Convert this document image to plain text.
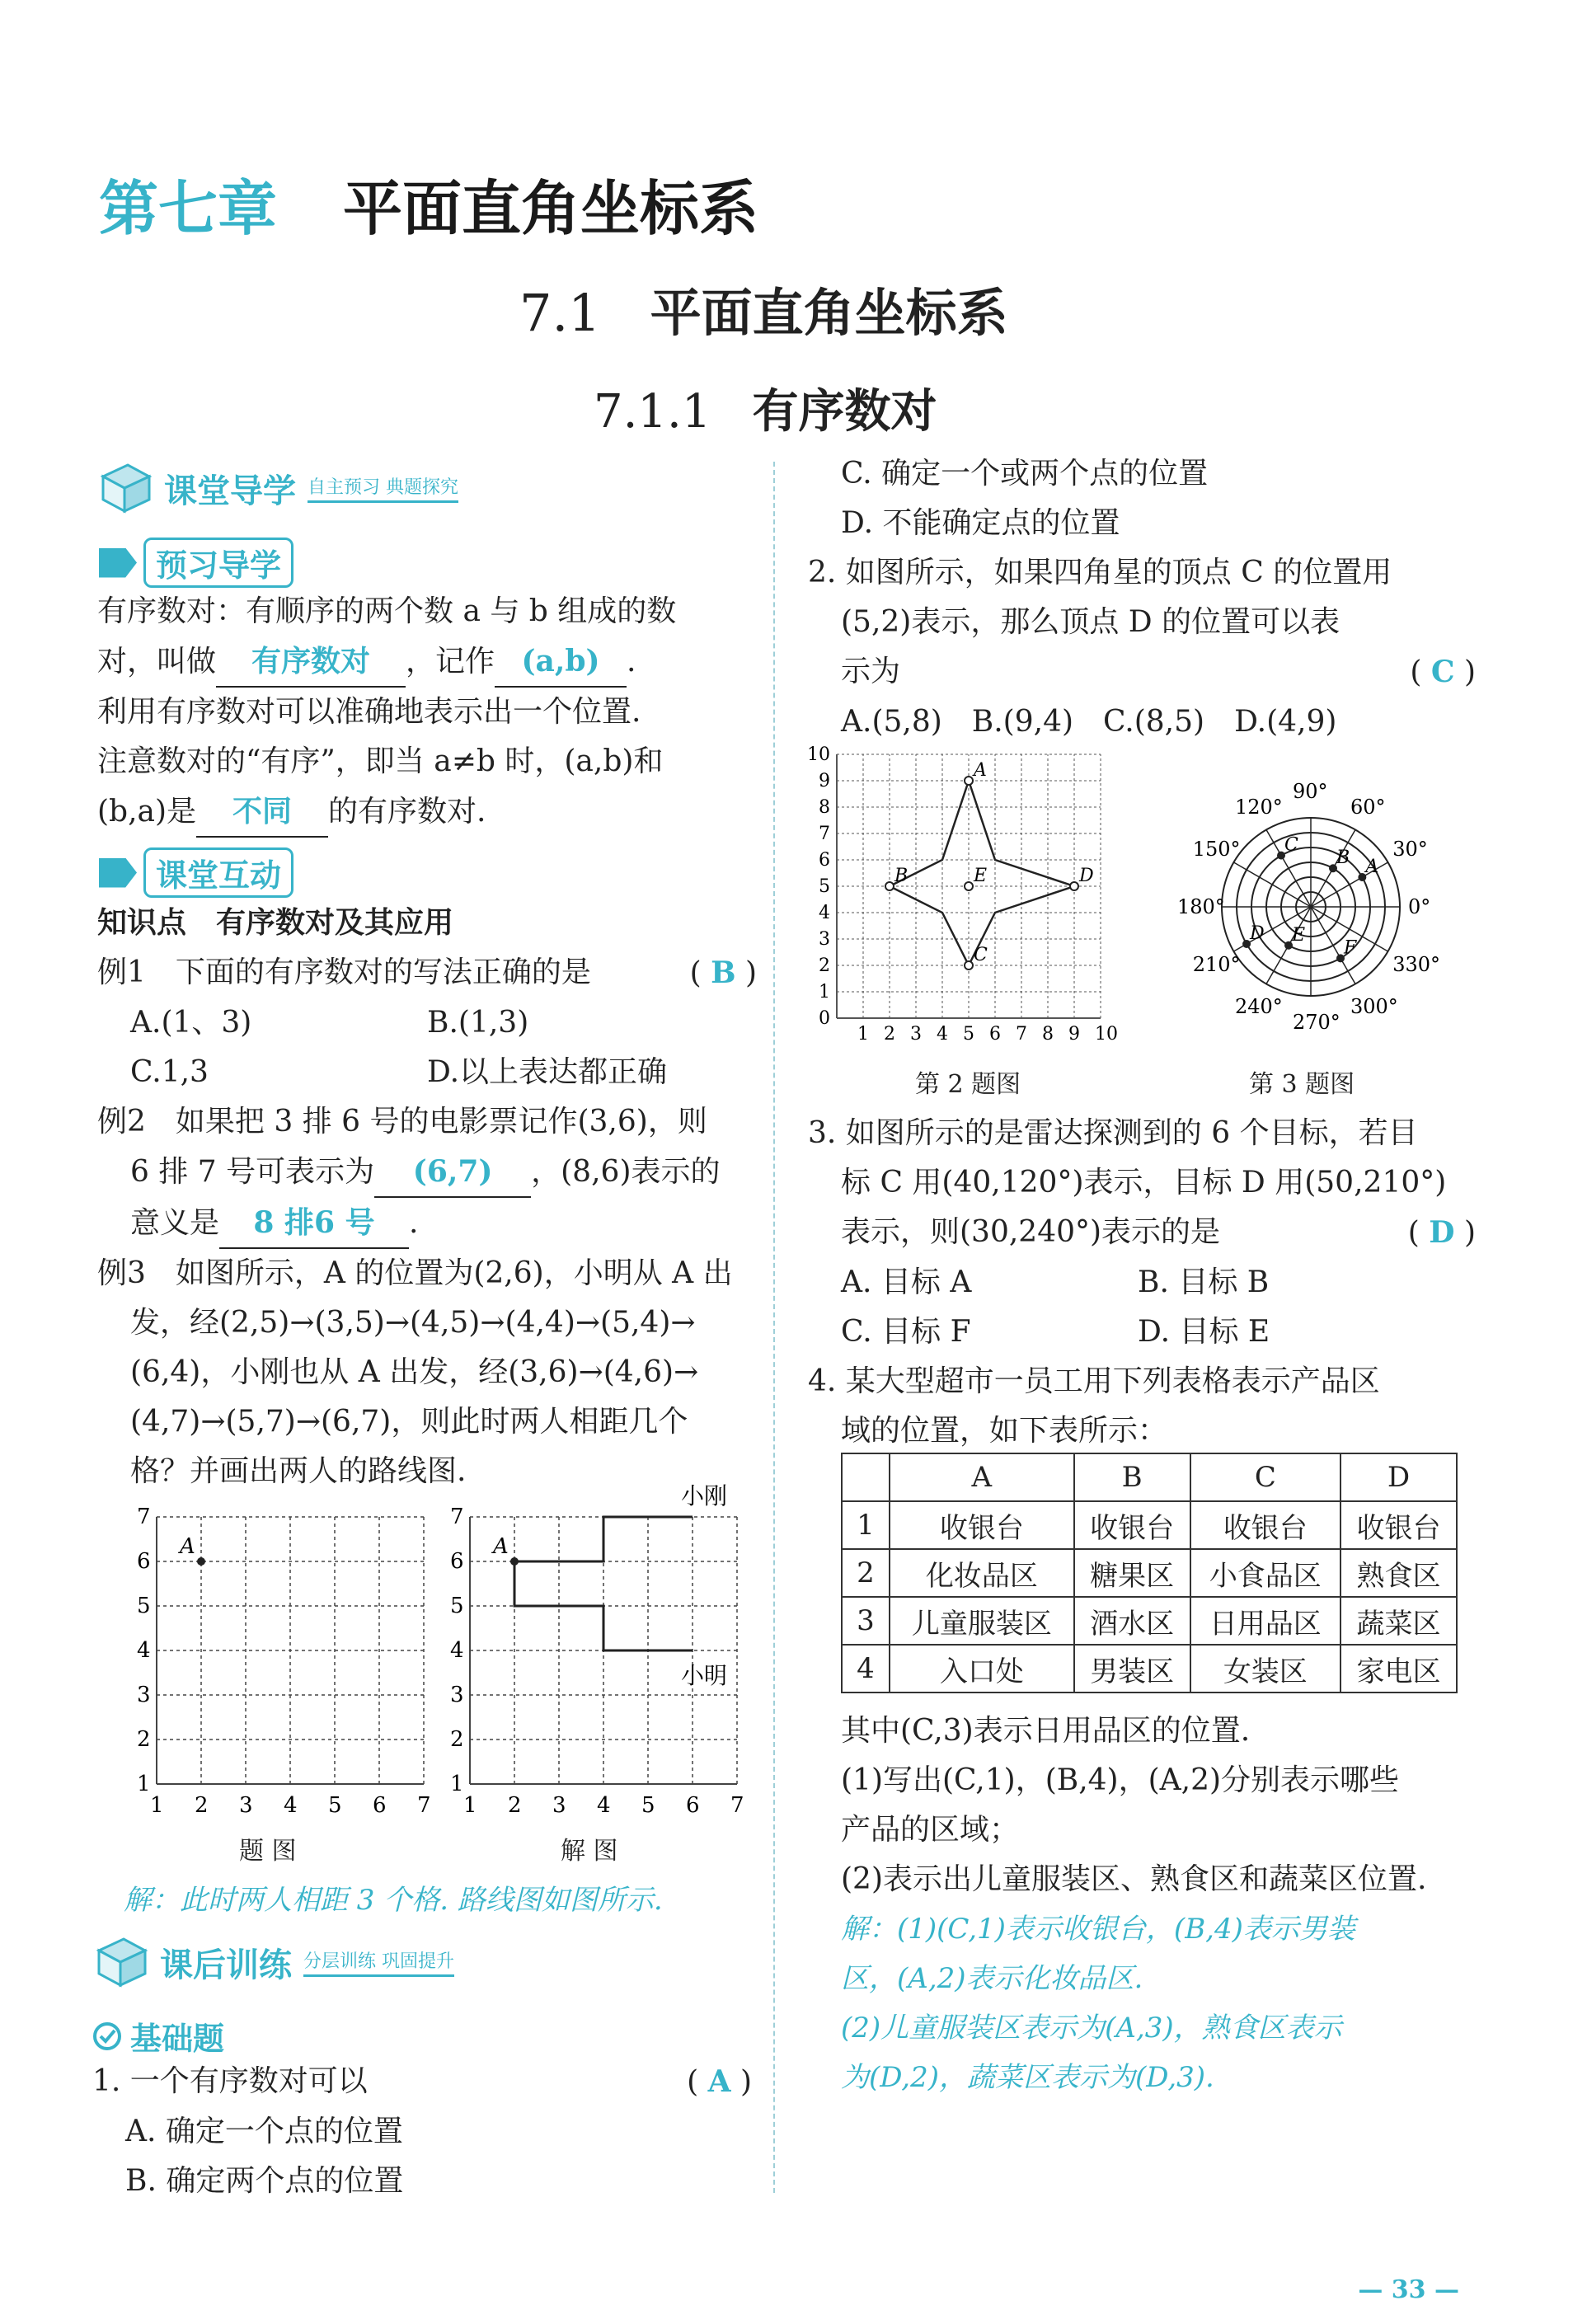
第七章 平面直角坐标系
7.1 平面直角坐标系
7.1.1 有序数对
课堂导学 自主预习 典题探究
预习导学
有序数对：有顺序的两个数 a 与 b 组成的数
对，叫做 有序数对 ，记作 (a,b) .
利用有序数对可以准确地表示出一个位置.
注意数对的“有序”，即当 a≠b 时，(a,b)和
(b,a)是 不同 的有序数对.
课堂互动
知识点　有序数对及其应用
例1　下面的有序数对的写法正确的是	( B )
A.(1、3)	B.(1,3)
C.1,3	D.以上表达都正确
例2　如果把 3 排 6 号的电影票记作(3,6)，则
6 排 7 号可表示为 (6,7) ，(8,6)表示的
意义是 8 排6 号 .
例3　如图所示，A 的位置为(2,6)，小明从 A 出
发，经(2,5)→(3,5)→(4,5)→(4,4)→(5,4)→
(6,4)，小刚也从 A 出发，经(3,6)→(4,6)→
(4,7)→(5,7)→(6,7)，则此时两人相距几个
格？并画出两人的路线图.
1
1
2
2
3
3
4
4
5
5
6
6
7
7
A
1
1
2
2
3
3
4
4
5
5
6
6
7
7
小刚
小明
A
题 图	解 图
解：此时两人相距 3 个格. 路线图如图所示.
课后训练 分层训练 巩固提升
基础题
1. 一个有序数对可以	( A )
A. 确定一个点的位置
B. 确定两个点的位置
C. 确定一个或两个点的位置
D. 不能确定点的位置
2. 如图所示，如果四角星的顶点 C 的位置用
(5,2)表示，那么顶点 D 的位置可以表
示为	( C )
A.(5,8)　B.(9,4)　C.(8,5)　D.(4,9)
0
1
1
2
2
3
3
4
4
5
5
6
6
7
7
8
8
9
9
10
10
A
B
C
D
E
90°
120°	60°
150°	30°
180°	0°
210°	330°
240°	300°
270°
A
B
C
D E
F
第 2 题图	第 3 题图
3. 如图所示的是雷达探测到的 6 个目标，若目
标 C 用(40,120°)表示，目标 D 用(50,210°)
表示，则(30,240°)表示的是	( D )
A. 目标 A	B. 目标 B
C. 目标 F	D. 目标 E
4. 某大型超市一员工用下列表格表示产品区
域的位置，如下表所示：
	A	B	C	D
1	收银台	收银台	收银台	收银台
2	化妆品区	糖果区	小食品区	熟食区
3	儿童服装区	酒水区	日用品区	蔬菜区
4	入口处	男装区	女装区	家电区
其中(C,3)表示日用品区的位置.
(1)写出(C,1)，(B,4)，(A,2)分别表示哪些
产品的区域；
(2)表示出儿童服装区、熟食区和蔬菜区位置.
解：(1)(C,1)表示收银台，(B,4)表示男装
区，(A,2)表示化妆品区.
(2)儿童服装区表示为(A,3)，熟食区表示
为(D,2)，蔬菜区表示为(D,3).
— 33 —
